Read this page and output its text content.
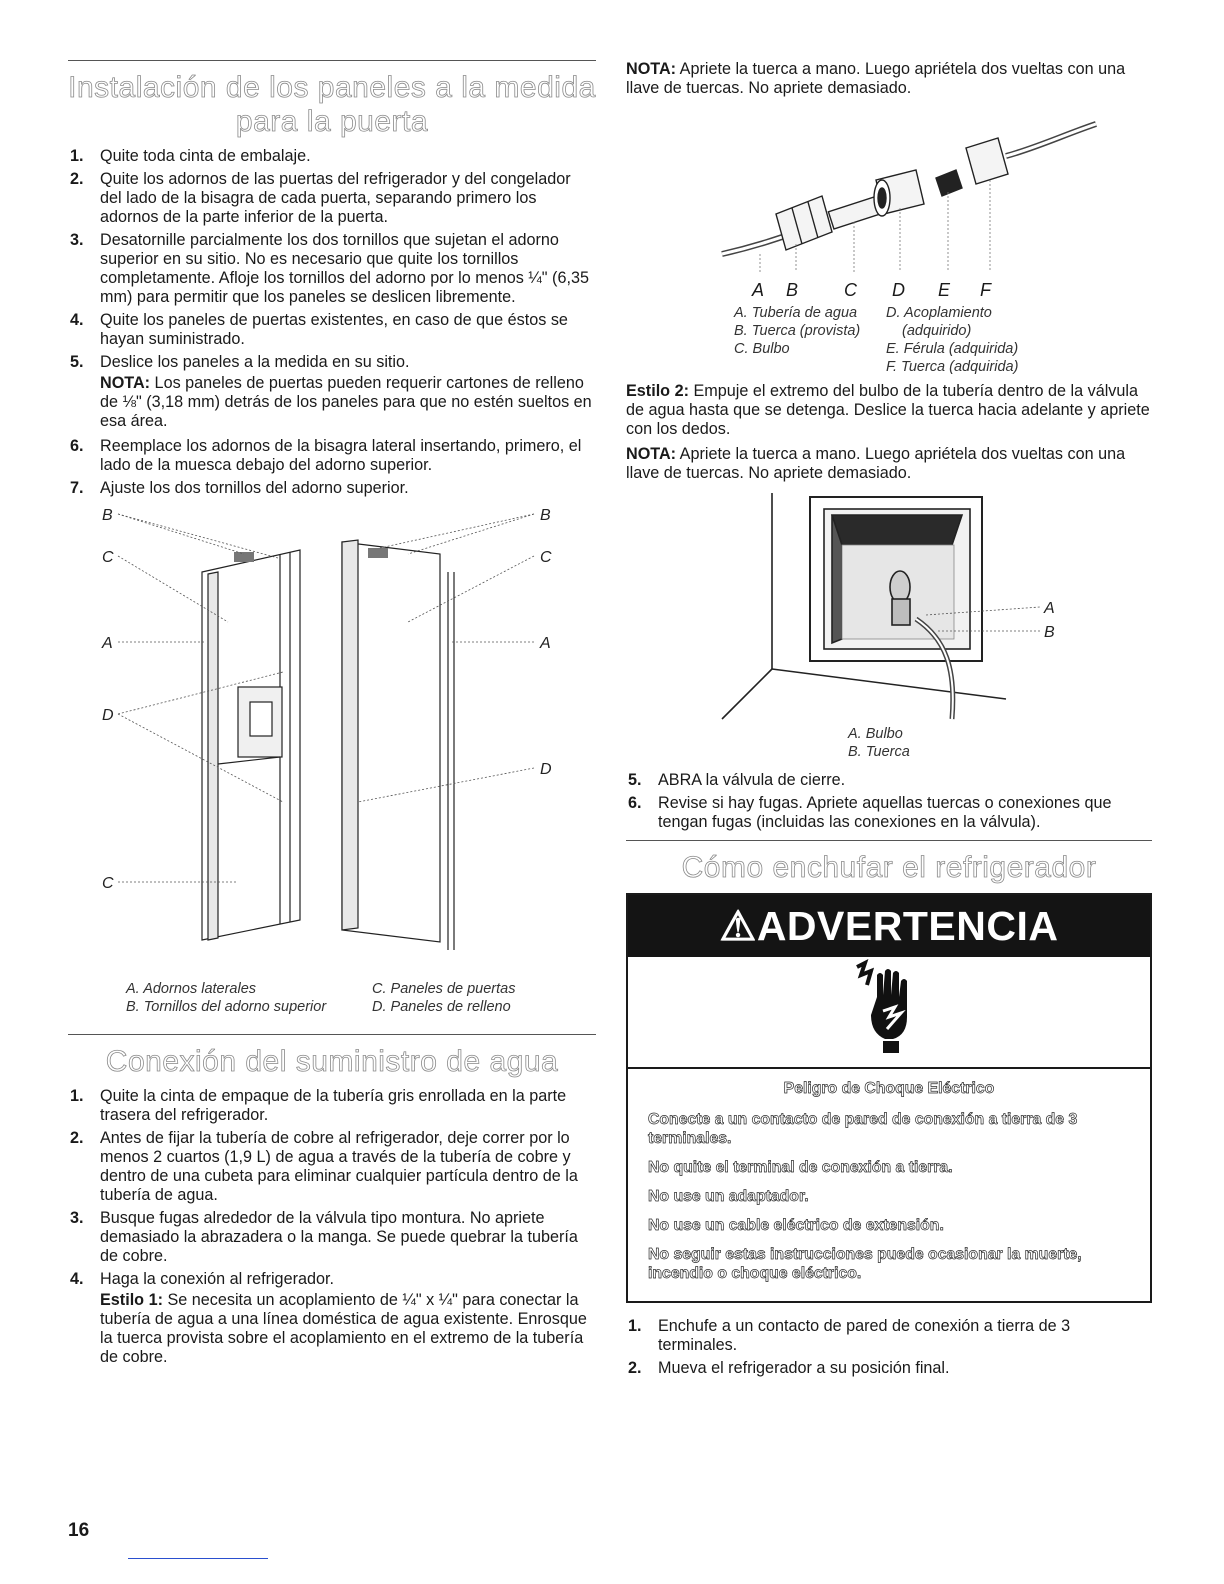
Instalación de los paneles a la medida
para la puerta
1. Quite toda cinta de embalaje.
2. Quite los adornos de las puertas del refrigerador y del congelador del lado de la bisagra de cada puerta, separando primero los adornos de la parte inferior de la puerta.
3. Desatornille parcialmente los dos tornillos que sujetan el adorno superior en su sitio. No es necesario que quite los tornillos completamente. Afloje los tornillos del adorno por lo menos ¼" (6,35 mm) para permitir que los paneles se deslicen libremente.
4. Quite los paneles de puertas existentes, en caso de que éstos se hayan suministrado.
5. Deslice los paneles a la medida en su sitio.
NOTA: Los paneles de puertas pueden requerir cartones de relleno de ⅛" (3,18 mm) detrás de los paneles para que no estén sueltos en esa área.
6. Reemplace los adornos de la bisagra lateral insertando, primero, el lado de la muesca debajo del adorno superior.
7. Ajuste los dos tornillos del adorno superior.
B	B
C	C
A	A
D
D
C
A. Adornos laterales
B. Tornillos del adorno superior
C. Paneles de puertas
D. Paneles de relleno
Conexión del suministro de agua
1. Quite la cinta de empaque de la tubería gris enrollada en la parte trasera del refrigerador.
2. Antes de fijar la tubería de cobre al refrigerador, deje correr por lo menos 2 cuartos (1,9 L) de agua a través de la tubería de cobre y dentro de una cubeta para eliminar cualquier partícula dentro de la tubería de agua.
3. Busque fugas alrededor de la válvula tipo montura. No apriete demasiado la abrazadera o la manga. Se puede quebrar la tubería de cobre.
4. Haga la conexión al refrigerador.
Estilo 1: Se necesita un acoplamiento de ¼" x ¼" para conectar la tubería de agua a una línea doméstica de agua existente. Enrosque la tuerca provista sobre el acoplamiento en el extremo de la tubería de cobre.
NOTA: Apriete la tuerca a mano. Luego apriétela dos vueltas con una llave de tuercas. No apriete demasiado.
A B	C D E F
A. Tubería de agua
B. Tuerca (provista)
C. Bulbo
D. Acoplamiento
(adquirido)
E. Férula (adquirida)
F. Tuerca (adquirida)
Estilo 2: Empuje el extremo del bulbo de la tubería dentro de la válvula de agua hasta que se detenga. Deslice la tuerca hacia adelante y apriete con los dedos.
NOTA: Apriete la tuerca a mano. Luego apriétela dos vueltas con una llave de tuercas. No apriete demasiado.
A
B
A. Bulbo
B. Tuerca
5. ABRA la válvula de cierre.
6. Revise si hay fugas. Apriete aquellas tuercas o conexiones que tengan fugas (incluidas las conexiones en la válvula).
Cómo enchufar el refrigerador
⚠ADVERTENCIA

Peligro de Choque Eléctrico

Conecte a un contacto de pared de conexión a tierra de 3 terminales.

No quite el terminal de conexión a tierra.

No use un adaptador.

No use un cable eléctrico de extensión.

No seguir estas instrucciones puede ocasionar la muerte, incendio o choque eléctrico.

1. Enchufe a un contacto de pared de conexión a tierra de 3 terminales.
2. Mueva el refrigerador a su posición final.
16
